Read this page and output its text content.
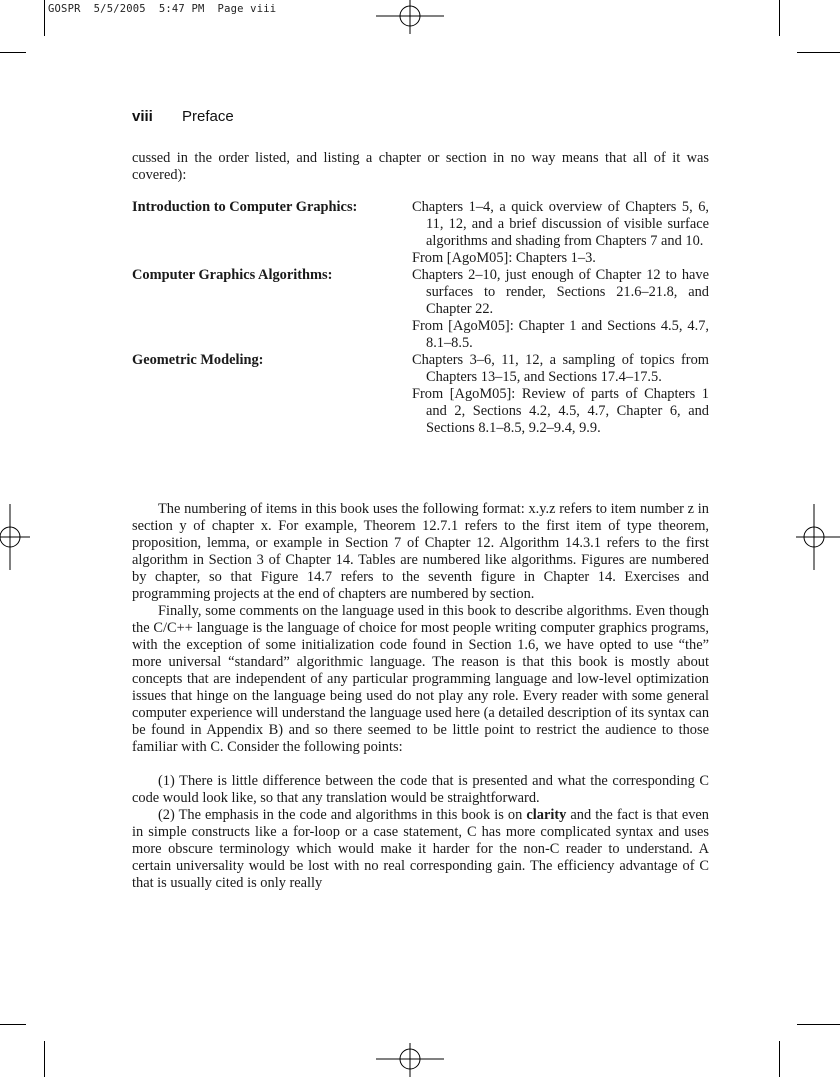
GOSPR  5/5/2005  5:47 PM  Page viii
viii Preface

cussed in the order listed, and listing a chapter or section in no way means that all of it was covered):

Introduction to Computer Graphics:	Chapters 1–4, a quick overview of Chapters 5, 6, 11, 12, and a brief discussion of visible surface algorithms and shading from Chapters 7 and 10.
From [AgoM05]: Chapters 1–3.
Computer Graphics Algorithms:	Chapters 2–10, just enough of Chapter 12 to have surfaces to render, Sections 21.6–21.8, and Chapter 22.
From [AgoM05]: Chapter 1 and Sections 4.5, 4.7, 8.1–8.5.
Geometric Modeling:	Chapters 3–6, 11, 12, a sampling of topics from Chapters 13–15, and Sections 17.4–17.5.
From [AgoM05]: Review of parts of Chapters 1 and 2, Sections 4.2, 4.5, 4.7, Chapter 6, and Sections 8.1–8.5, 9.2–9.4, 9.9.

The numbering of items in this book uses the following format: x.y.z refers to item number z in section y of chapter x. For example, Theorem 12.7.1 refers to the first item of type theorem, proposition, lemma, or example in Section 7 of Chapter 12. Algorithm 14.3.1 refers to the first algorithm in Section 3 of Chapter 14. Tables are numbered like algorithms. Figures are numbered by chapter, so that Figure 14.7 refers to the seventh figure in Chapter 14. Exercises and programming projects at the end of chapters are numbered by section.

Finally, some comments on the language used in this book to describe algorithms. Even though the C/C++ language is the language of choice for most people writing computer graphics programs, with the exception of some initialization code found in Section 1.6, we have opted to use “the” more universal “standard” algorithmic language. The reason is that this book is mostly about concepts that are independent of any particular programming language and low-level optimization issues that hinge on the language being used do not play any role. Every reader with some general computer experience will understand the language used here (a detailed description of its syntax can be found in Appendix B) and so there seemed to be little point to restrict the audience to those familiar with C. Consider the following points:

(1) There is little difference between the code that is presented and what the corresponding C code would look like, so that any translation would be straightforward.

(2) The emphasis in the code and algorithms in this book is on clarity and the fact is that even in simple constructs like a for-loop or a case statement, C has more complicated syntax and uses more obscure terminology which would make it harder for the non-C reader to understand. A certain universality would be lost with no real corresponding gain. The efficiency advantage of C that is usually cited is only really
